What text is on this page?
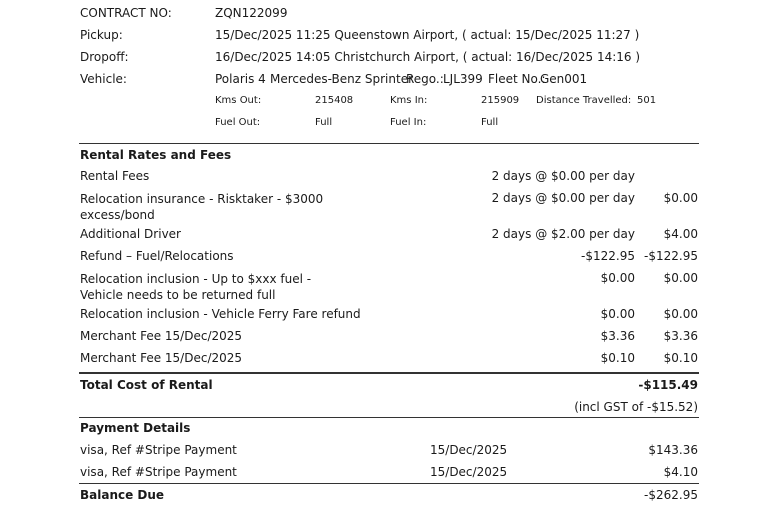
CONTRACT NO:	ZQN122099
Pickup:	15/Dec/2025 11:25 Queenstown Airport, ( actual: 15/Dec/2025 11:27 )
Dropoff:	16/Dec/2025 14:05 Christchurch Airport, ( actual: 16/Dec/2025 14:16 )
Vehicle:	Polaris 4 Mercedes-Benz Sprinter
Rego.: LJL399 Fleet No.:
Gen001
Kms Out:	215408	Kms In:	215909 Distance Travelled: 501
Fuel Out:	Full	Fuel In:	Full
Rental Rates and Fees
Rental Fees	2 days @ $0.00 per day
Relocation insurance - Risktaker - $3000 excess/bond
2 days @ $0.00 per day	$0.00
Additional Driver	2 days @ $2.00 per day	$4.00
Refund – Fuel/Relocations	-$122.95 -$122.95
Relocation inclusion - Up to $xxx fuel - Vehicle needs to be returned full
$0.00	$0.00
Relocation inclusion - Vehicle Ferry Fare refund	$0.00	$0.00
Merchant Fee 15/Dec/2025	$3.36	$3.36
Merchant Fee 15/Dec/2025	$0.10	$0.10
Total Cost of Rental	-$115.49
(incl GST of -$15.52)
Payment Details
visa, Ref #Stripe Payment	15/Dec/2025	$143.36
visa, Ref #Stripe Payment	15/Dec/2025	$4.10
Balance Due	-$262.95
